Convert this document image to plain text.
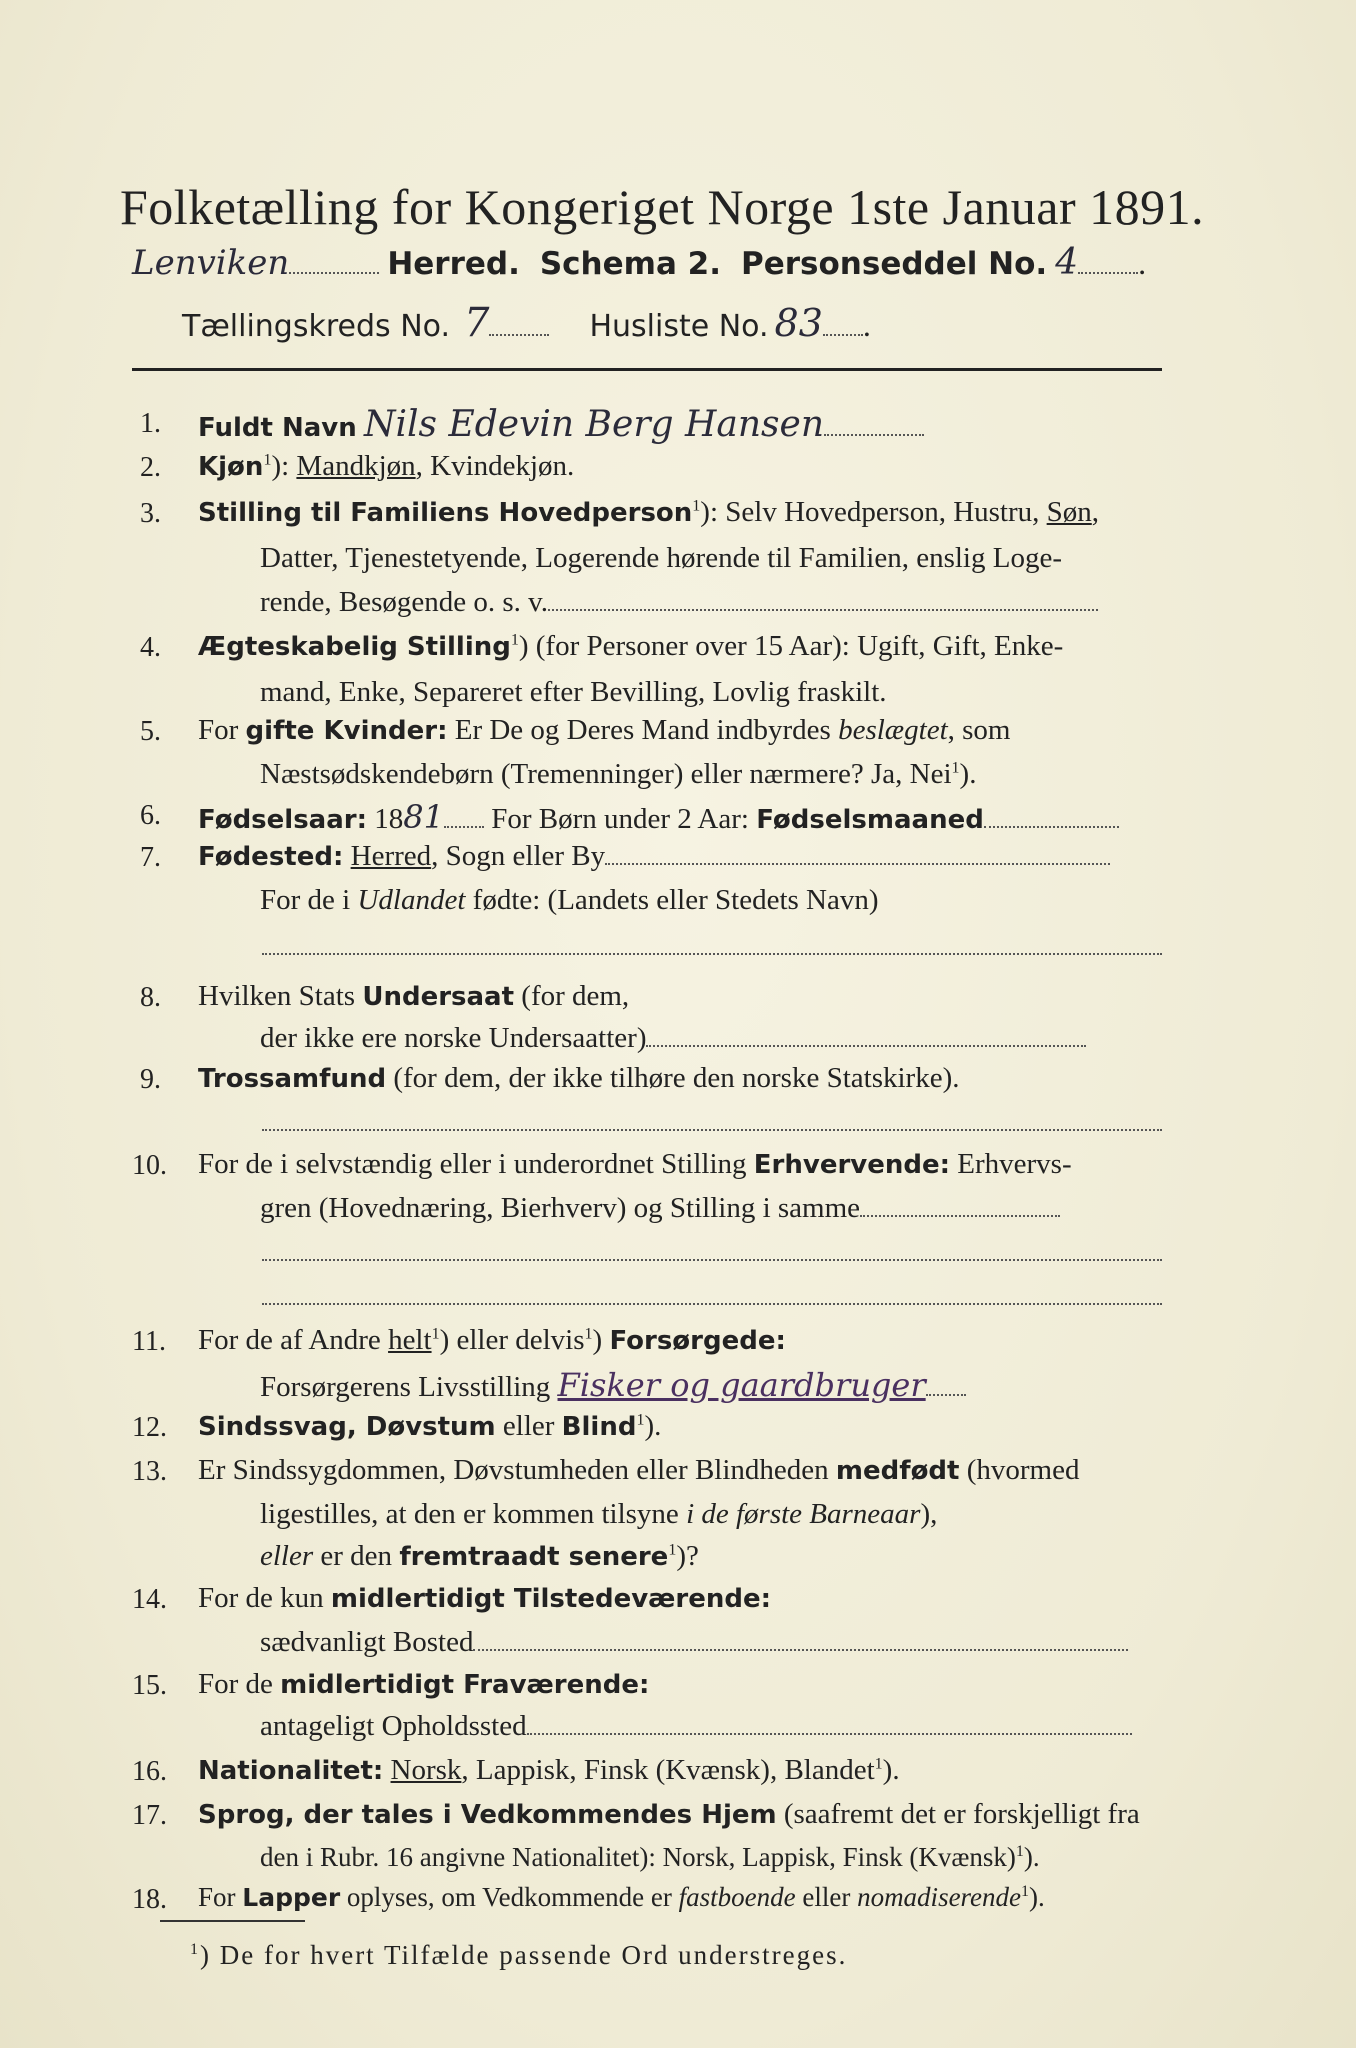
Folketælling for Kongeriget Norge 1ste Januar 1891.
Lenviken	Herred. Schema 2. Personseddel No. 4 .
Tællingskreds No. 7	Husliste No. 83 .
1. Fuldt Navn Nils Edevin Berg Hansen
2. Kjøn$^1$): Mandkjøn, Kvindekjøn.
3. Stilling til Familiens Hovedperson$^1$): Selv Hovedperson, Hustru, Søn,
Datter, Tjenestetyende, Logerende hørende til Familien, enslig Loge-
rende, Besøgende o. s. v.
4. Ægteskabelig Stilling$^1$) (for Personer over 15 Aar): Ugift, Gift, Enke-
mand, Enke, Separeret efter Bevilling, Lovlig fraskilt.
5. For gifte Kvinder: Er De og Deres Mand indbyrdes beslægtet, som
Næstsødskendebørn (Tremenninger) eller nærmere? Ja, Nei$^1$).
6. Fødselsaar: 1881 For Børn under 2 Aar: Fødselsmaaned
7. Fødested: Herred, Sogn eller By
For de i Udlandet fødte: (Landets eller Stedets Navn)
8. Hvilken Stats Undersaat (for dem,
der ikke ere norske Undersaatter)
9. Trossamfund (for dem, der ikke tilhøre den norske Statskirke).
10. For de i selvstændig eller i underordnet Stilling Erhvervende: Erhvervs-
gren (Hovednæring, Bierhverv) og Stilling i samme
11. For de af Andre helt$^1$) eller delvis$^1$) Forsørgede:
Forsørgerens Livsstilling Fisker og gaardbruger
12. Sindssvag, Døvstum eller Blind$^1$).
13. Er Sindssygdommen, Døvstumheden eller Blindheden medfødt (hvormed
ligestilles, at den er kommen tilsyne i de første Barneaar),
eller er den fremtraadt senere$^1$)?
14. For de kun midlertidigt Tilstedeværende:
sædvanligt Bosted
15. For de midlertidigt Fraværende:
antageligt Opholdssted
16. Nationalitet: Norsk, Lappisk, Finsk (Kvænsk), Blandet$^1$).
17. Sprog, der tales i Vedkommendes Hjem (saafremt det er forskjelligt fra
den i Rubr. 16 angivne Nationalitet): Norsk, Lappisk, Finsk (Kvænsk)$^1$).
18. For Lapper oplyses, om Vedkommende er fastboende eller nomadiserende$^1$).
$^1$) De for hvert Tilfælde passende Ord understreges.
